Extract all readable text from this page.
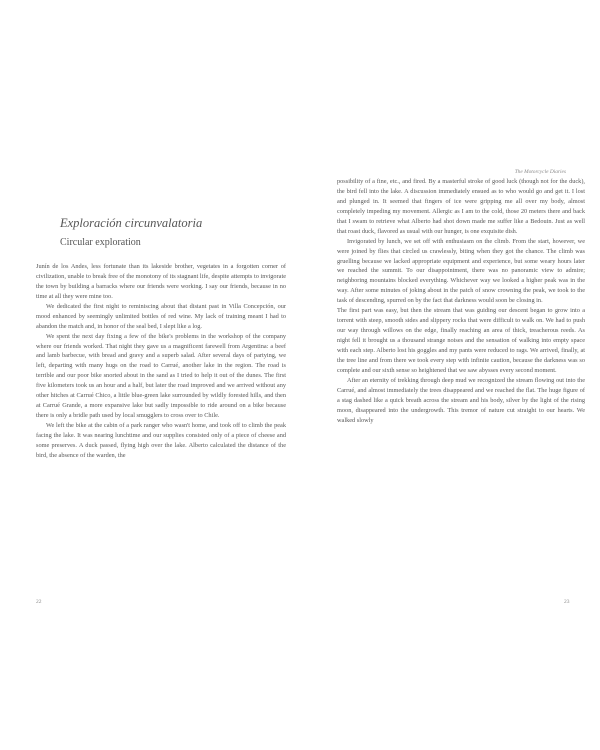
Exploración circunvalatoria
Circular exploration

Junín de los Andes, less fortunate than its lakeside brother, vegetates in a forgotten corner of civilization, unable to break free of the monotony of its stagnant life, despite attempts to invigorate the town by building a barracks where our friends were working. I say our friends, because in no time at all they were mine too.

We dedicated the first night to reminiscing about that distant past in Villa Concepción, our mood enhanced by seemingly unlimited bottles of red wine. My lack of training meant I had to abandon the match and, in honor of the seal bed, I slept like a log.

We spent the next day fixing a few of the bike's problems in the workshop of the company where our friends worked. That night they gave us a magnificent farewell from Argentina: a beef and lamb barbecue, with bread and gravy and a superb salad. After several days of partying, we left, departing with many hugs on the road to Carrué, another lake in the region. The road is terrible and our poor bike snorted about in the sand as I tried to help it out of the dunes. The first five kilometers took us an hour and a half, but later the road improved and we arrived without any other hitches at Carrué Chico, a little blue-green lake surrounded by wildly forested hills, and then at Carrué Grande, a more expansive lake but sadly impossible to ride around on a bike because there is only a bridle path used by local smugglers to cross over to Chile.

We left the bike at the cabin of a park ranger who wasn't home, and took off to climb the peak facing the lake. It was nearing lunchtime and our supplies consisted only of a piece of cheese and some preserves. A duck passed, flying high over the lake. Alberto calculated the distance of the bird, the absence of the warden, the

22
The Motorcycle Diaries

possibility of a fine, etc., and fired. By a masterful stroke of good luck (though not for the duck), the bird fell into the lake. A discussion immediately ensued as to who would go and get it. I lost and plunged in. It seemed that fingers of ice were gripping me all over my body, almost completely impeding my movement. Allergic as I am to the cold, those 20 meters there and back that I swam to retrieve what Alberto had shot down made me suffer like a Bedouin. Just as well that roast duck, flavored as usual with our hunger, is one exquisite dish.

Invigorated by lunch, we set off with enthusiasm on the climb. From the start, however, we were joined by flies that circled us crawlessly, biting when they got the chance. The climb was gruelling because we lacked appropriate equipment and experience, but some weary hours later we reached the summit. To our disappointment, there was no panoramic view to admire; neighboring mountains blocked everything. Whichever way we looked a higher peak was in the way. After some minutes of joking about in the patch of snow crowning the peak, we took to the task of descending, spurred on by the fact that darkness would soon be closing in.

The first part was easy, but then the stream that was guiding our descent began to grow into a torrent with steep, smooth sides and slippery rocks that were difficult to walk on. We had to push our way through willows on the edge, finally reaching an area of thick, treacherous reeds. As night fell it brought us a thousand strange noises and the sensation of walking into empty space with each step. Alberto lost his goggles and my pants were reduced to rags. We arrived, finally, at the tree line and from there we took every step with infinite caution, because the darkness was so complete and our sixth sense so heightened that we saw abysses every second moment.

After an eternity of trekking through deep mud we recognized the stream flowing out into the Carrué, and almost immediately the trees disappeared and we reached the flat. The huge figure of a stag dashed like a quick breath across the stream and his body, silver by the light of the rising moon, disappeared into the undergrowth. This tremor of nature cut straight to our hearts. We walked slowly

23
